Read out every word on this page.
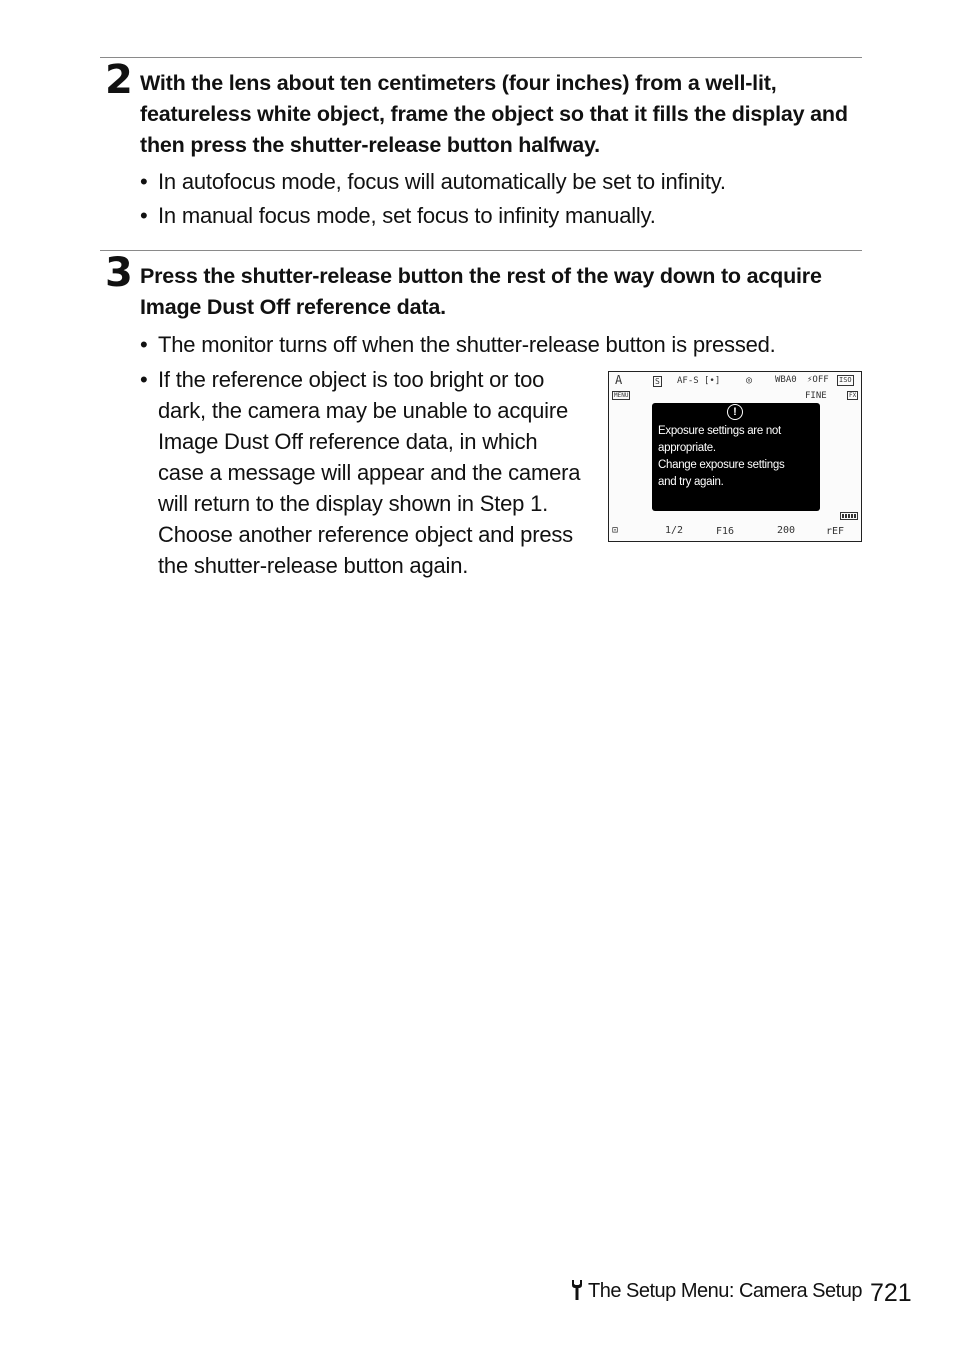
2 With the lens about ten centimeters (four inches) from a well-lit, featureless white object, frame the object so that it fills the display and then press the shutter-release button halfway.
• In autofocus mode, focus will automatically be set to infinity.
• In manual focus mode, set focus to infinity manually.
3 Press the shutter-release button the rest of the way down to acquire Image Dust Off reference data.
• The monitor turns off when the shutter-release button is pressed.
• If the reference object is too bright or too dark, the camera may be unable to acquire Image Dust Off reference data, in which case a message will appear and the camera will return to the display shown in Step 1. Choose another reference object and press the shutter-release button again.
A	S AF-S [•]	◎	WBA0 ⚡OFF ISO
MENU	FINE	FX
!
Exposure settings are not
appropriate.
Change exposure settings
and try again.
⊡	1/2	F16	200	rEF
The Setup Menu: Camera Setup 721
